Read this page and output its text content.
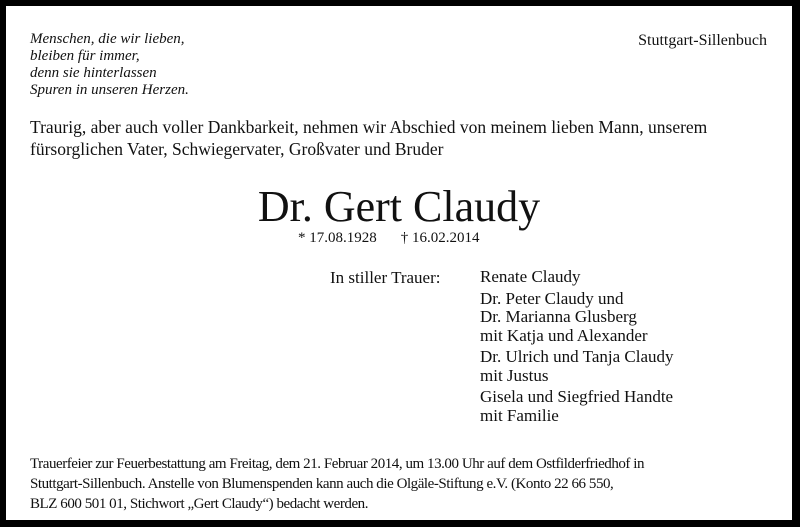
Menschen, die wir lieben,
bleiben für immer,
denn sie hinterlassen
Spuren in unseren Herzen.
Stuttgart-Sillenbuch
Traurig, aber auch voller Dankbarkeit, nehmen wir Abschied von meinem lieben Mann, unserem
fürsorglichen Vater, Schwiegervater, Großvater und Bruder
Dr. Gert Claudy
* 17.08.1928 † 16.02.2014
In stiller Trauer: Renate Claudy
Dr. Peter Claudy und
Dr. Marianna Glusberg
mit Katja und Alexander
Dr. Ulrich und Tanja Claudy
mit Justus
Gisela und Siegfried Handte
mit Familie
Trauerfeier zur Feuerbestattung am Freitag, dem 21. Februar 2014, um 13.00 Uhr auf dem Ostfilderfriedhof in
Stuttgart-Sillenbuch. Anstelle von Blumenspenden kann auch die Olgäle-Stiftung e.V. (Konto 22 66 550,
BLZ 600 501 01, Stichwort „Gert Claudy“) bedacht werden.
